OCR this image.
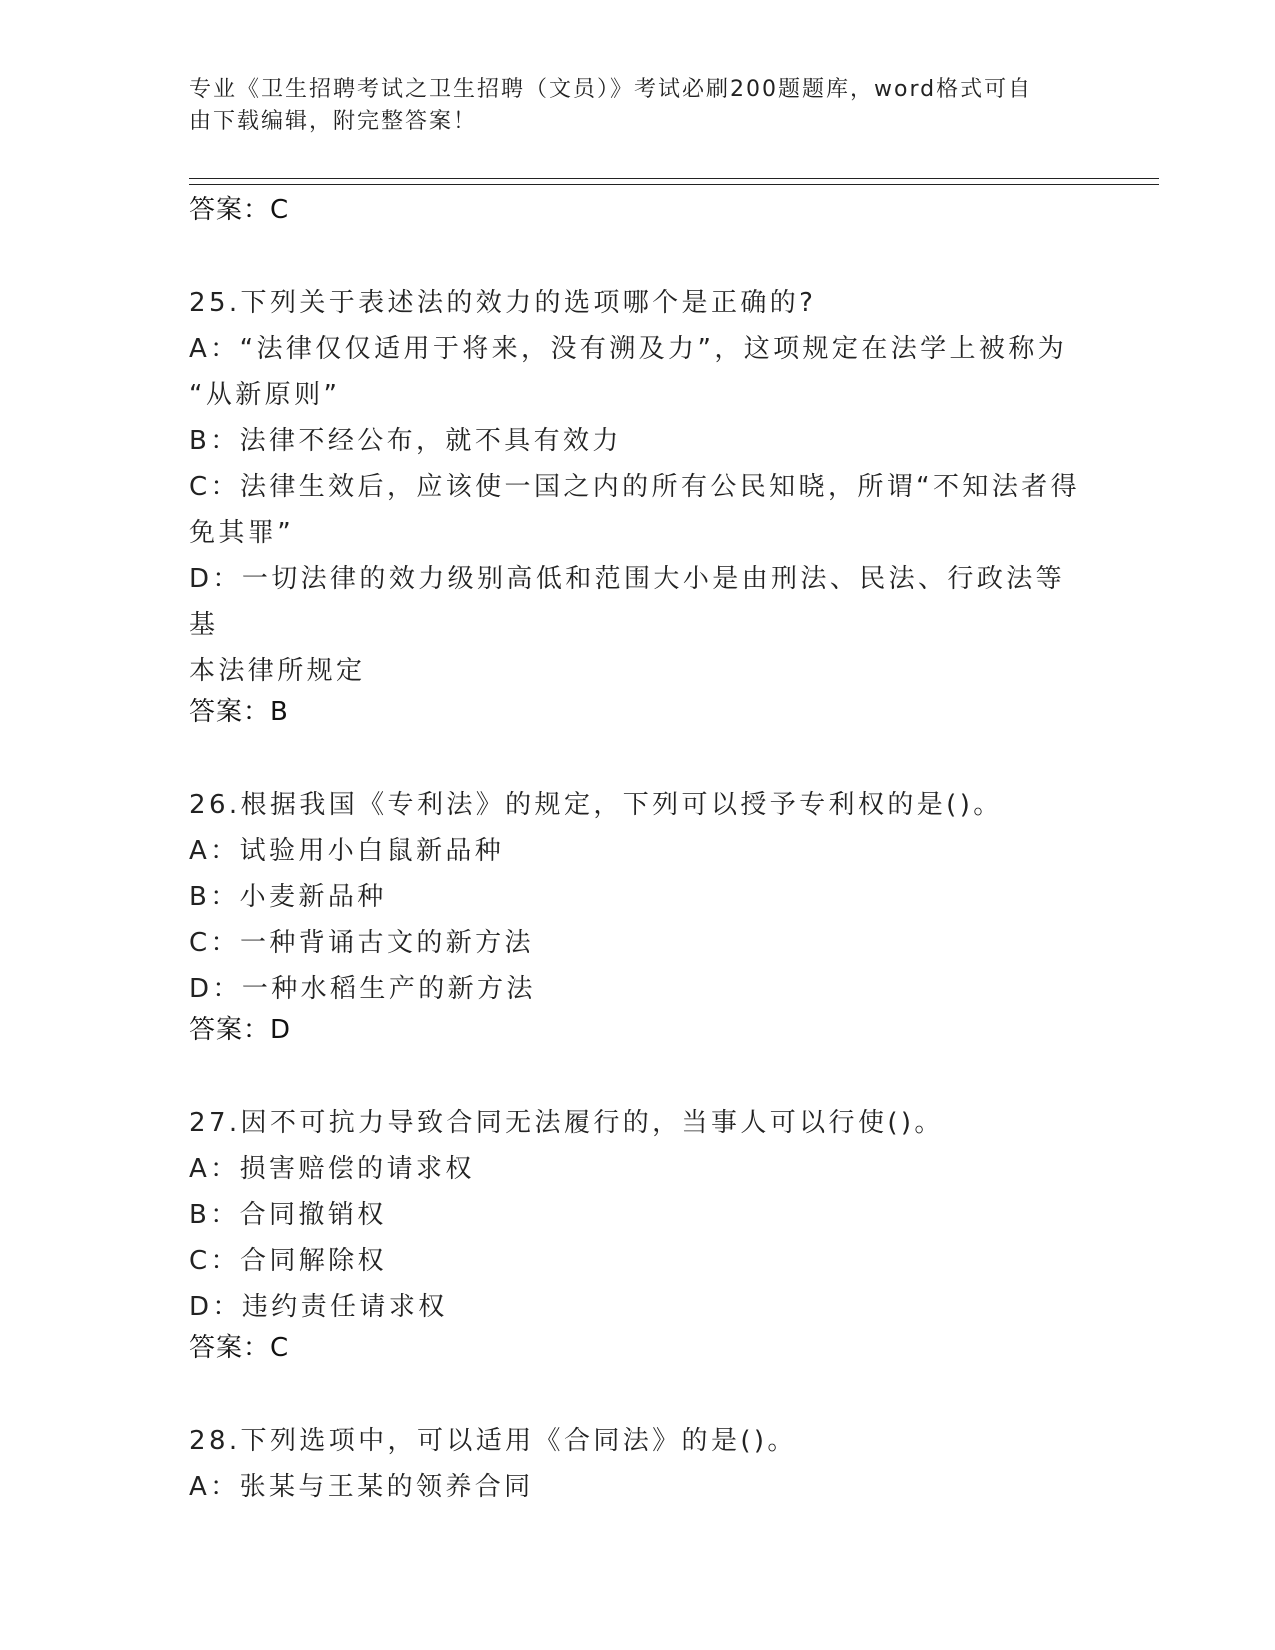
专业《卫生招聘考试之卫生招聘（文员）》考试必刷200题题库，word格式可自
由下载编辑，附完整答案！
答案：C
25.下列关于表述法的效力的选项哪个是正确的?
A：“法律仅仅适用于将来，没有溯及力”，这项规定在法学上被称为
“从新原则”
B：法律不经公布，就不具有效力
C：法律生效后，应该使一国之内的所有公民知晓，所谓“不知法者得
免其罪”
D：一切法律的效力级别高低和范围大小是由刑法、民法、行政法等基
本法律所规定
答案：B
26.根据我国《专利法》的规定，下列可以授予专利权的是()。
A：试验用小白鼠新品种
B：小麦新品种
C：一种背诵古文的新方法
D：一种水稻生产的新方法
答案：D
27.因不可抗力导致合同无法履行的，当事人可以行使()。
A：损害赔偿的请求权
B：合同撤销权
C：合同解除权
D：违约责任请求权
答案：C
28.下列选项中，可以适用《合同法》的是()。
A：张某与王某的领养合同
